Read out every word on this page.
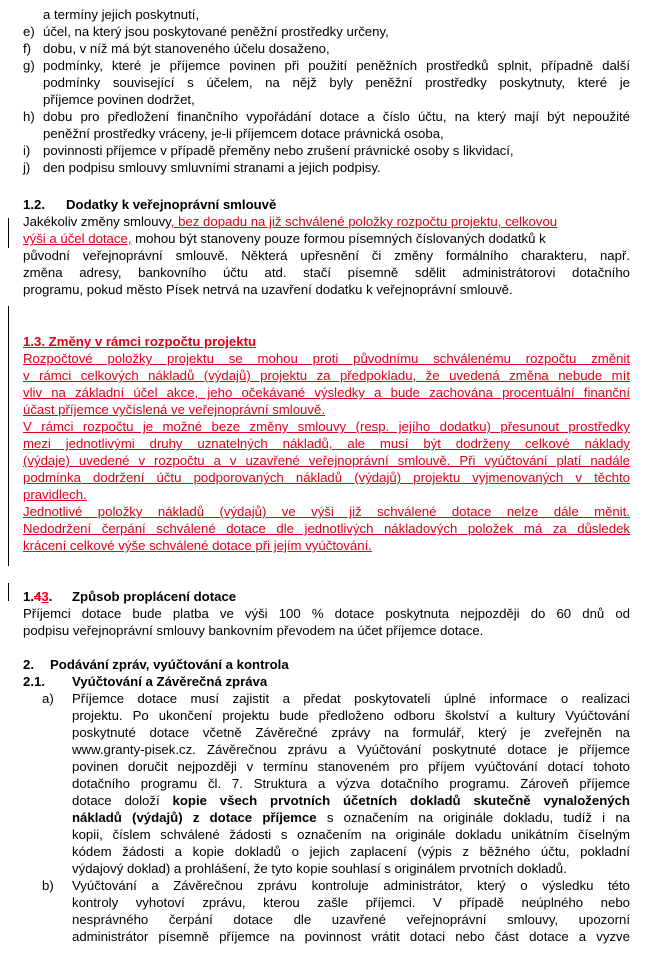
a termíny jejich poskytnutí,
e) účel, na který jsou poskytované peněžní prostředky určeny,
f) dobu, v níž má být stanoveného účelu dosaženo,
g) podmínky, které je příjemce povinen při použití peněžních prostředků splnit, případně další
podmínky související s účelem, na nějž byly peněžní prostředky poskytnuty, které je
příjemce povinen dodržet,
h) dobu pro předložení finančního vypořádání dotace a číslo účtu, na který mají být nepoužité
peněžní prostředky vráceny, je-li příjemcem dotace právnická osoba,
i) povinnosti příjemce v případě přeměny nebo zrušení právnické osoby s likvidací,
j) den podpisu smlouvy smluvními stranami a jejich podpisy.
1.2. Dodatky k veřejnoprávní smlouvě
Jakékoliv změny smlouvy, bez dopadu na již schválené položky rozpočtu projektu, celkovou
výši a účel dotace, mohou být stanoveny pouze formou písemných číslovaných dodatků k
původní veřejnoprávní smlouvě. Některá upřesnění či změny formálního charakteru, např.
změna adresy, bankovního účtu atd. stačí písemně sdělit administrátorovi dotačního
programu, pokud město Písek netrvá na uzavření dodatku k veřejnoprávní smlouvě.
1.3. Změny v rámci rozpočtu projektu
Rozpočtové položky projektu se mohou proti původnímu schválenému rozpočtu změnit
v rámci celkových nákladů (výdajů) projektu za předpokladu, že uvedená změna nebude mít
vliv na základní účel akce, jeho očekávané výsledky a bude zachována procentuální finanční
účast příjemce vyčíslená ve veřejnoprávní smlouvě.
V rámci rozpočtu je možné beze změny smlouvy (resp. jejího dodatku) přesunout prostředky
mezi jednotlivými druhy uznatelných nákladů, ale musí být dodrženy celkové náklady
(výdaje) uvedené v rozpočtu a v uzavřené veřejnoprávní smlouvě. Při vyúčtování platí nadále
podmínka dodržení účtu podporovaných nákladů (výdajů) projektu vyjmenovaných v těchto
pravidlech.
Jednotlivé položky nákladů (výdajů) ve výši již schválené dotace nelze dále měnit.
Nedodržení čerpání schválené dotace dle jednotlivých nákladových položek má za důsledek
krácení celkové výše schválené dotace při jejím vyúčtování.
1.43. Způsob proplácení dotace
Příjemci dotace bude platba ve výši 100 % dotace poskytnuta nejpozději do 60 dnů od
podpisu veřejnoprávní smlouvy bankovním převodem na účet příjemce dotace.
2. Podávání zpráv, vyúčtování a kontrola
2.1. Vyúčtování a Závěrečná zpráva
a) Příjemce dotace musí zajistit a předat poskytovateli úplné informace o realizaci
projektu. Po ukončení projektu bude předloženo odboru školství a kultury Vyúčtování
poskytnuté dotace včetně Závěrečné zprávy na formulář, který je zveřejněn na
www.granty-pisek.cz. Závěrečnou zprávu a Vyúčtování poskytnuté dotace je příjemce
povinen doručit nejpozději v termínu stanoveném pro příjem vyúčtování dotací tohoto
dotačního programu čl. 7. Struktura a výzva dotačního programu. Zároveň příjemce
dotace doloží kopie všech prvotních účetních dokladů skutečně vynaložených
nákladů (výdajů) z dotace příjemce s označením na originále dokladu, tudíž i na
kopii, číslem schválené žádosti s označením na originále dokladu unikátním číselným
kódem žádosti a kopie dokladů o jejich zaplacení (výpis z běžného účtu, pokladní
výdajový doklad) a prohlášení, že tyto kopie souhlasí s originálem prvotních dokladů.
b) Vyúčtování a Závěrečnou zprávu kontroluje administrátor, který o výsledku této
kontroly vyhotoví zprávu, kterou zašle příjemci. V případě neúplného nebo
nesprávného čerpání dotace dle uzavřené veřejnoprávní smlouvy, upozorní
administrátor písemně příjemce na povinnost vrátit dotaci nebo část dotace a vyzve
